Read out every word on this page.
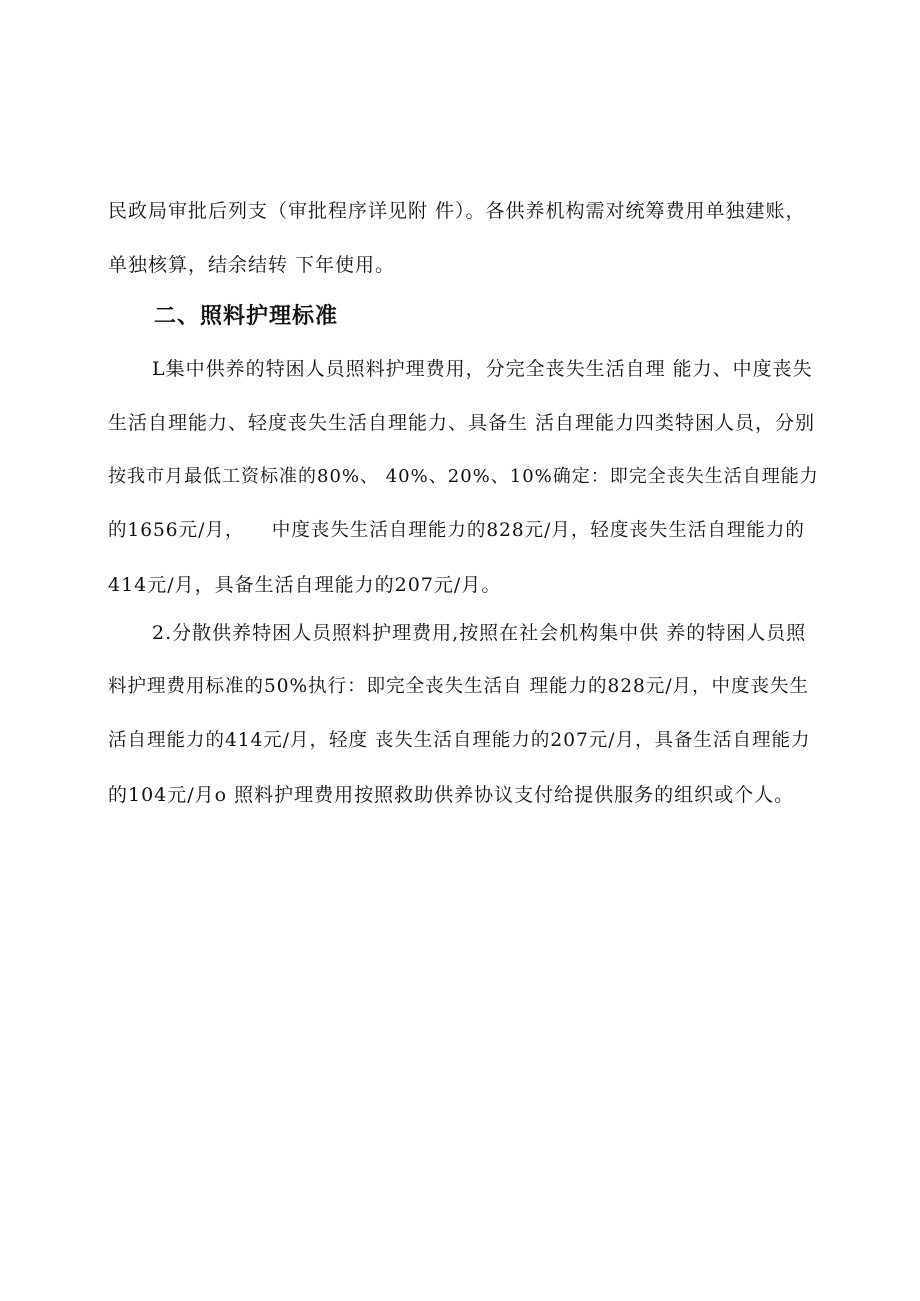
民政局审批后列支（审批程序详见附 件）。各供养机构需对统筹费用单独建账，
单独核算，结余结转 下年使用。
二、照料护理标准
L集中供养的特困人员照料护理费用，分完全丧失生活自理 能力、中度丧失
生活自理能力、轻度丧失生活自理能力、具备生 活自理能力四类特困人员，分别
按我市月最低工资标准的80%、 40%、20%、10%确定：即完全丧失生活自理能力
的1656元/月，    中度丧失生活自理能力的828元/月，轻度丧失生活自理能力的
414元/月，具备生活自理能力的207元/月。
2.分散供养特困人员照料护理费用,按照在社会机构集中供 养的特困人员照
料护理费用标准的50%执行：即完全丧失生活自 理能力的828元/月，中度丧失生
活自理能力的414元/月，轻度 丧失生活自理能力的207元/月，具备生活自理能力
的104元/月o 照料护理费用按照救助供养协议支付给提供服务的组织或个人。
